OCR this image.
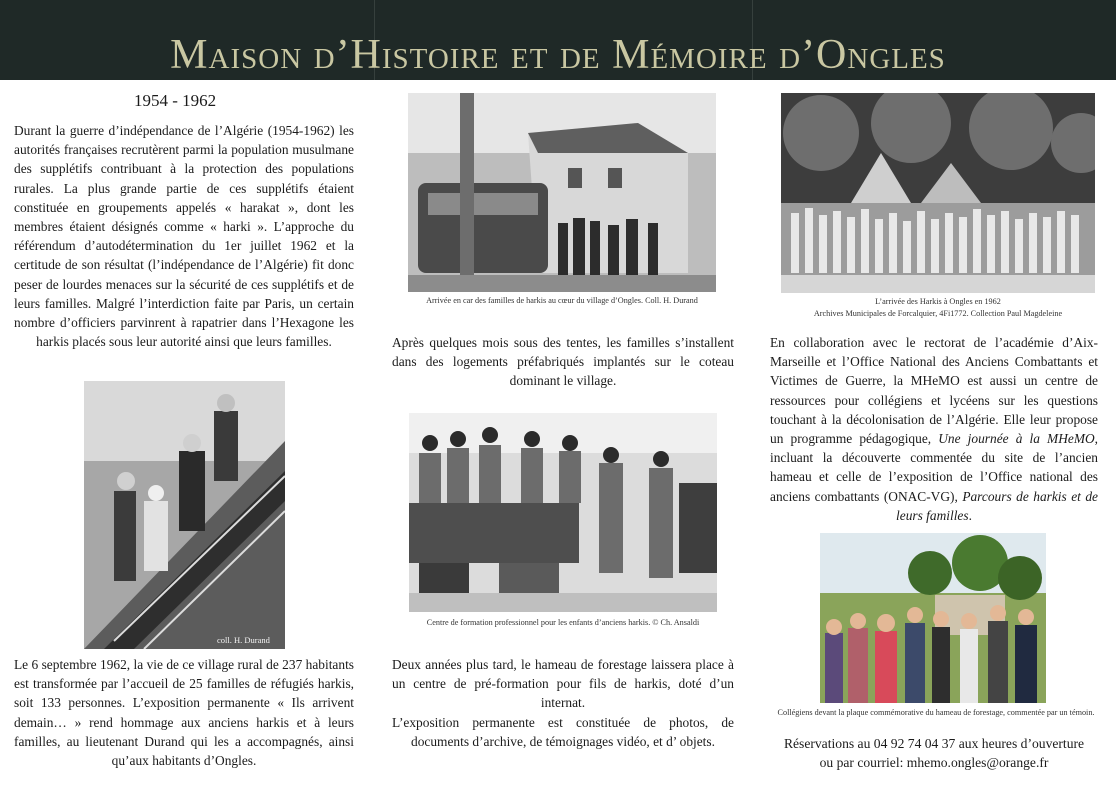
Maison d’Histoire et de Mémoire d’Ongles
1954 - 1962
Durant la guerre d’indépendance de l’Algérie (1954-1962) les autorités françaises recrutèrent parmi la population musulmane des supplétifs contribuant à la protection des populations rurales. La plus grande partie de ces supplétifs étaient constituée en groupements appelés « harakat », dont les membres étaient désignés comme « harki ». L’approche du référendum d’autodétermination du 1er juillet 1962 et la certitude de son résultat (l’indépendance de l’Algérie) fit donc peser de lourdes menaces sur la sécurité de ces supplétifs et de leurs familles. Malgré l’interdiction faite par Paris, un certain nombre d’officiers parvinrent à rapatrier dans l’Hexagone les harkis placés sous leur autorité ainsi que leurs familles.
coll. H. Durand
Le 6 septembre 1962, la vie de ce village rural de 237 habitants est transformée par l’accueil de 25 familles de réfugiés harkis, soit 133 personnes. L’exposition permanente « Ils arrivent demain… » rend hommage aux anciens harkis et à leurs familles, au lieutenant Durand qui les a accompagnés, ainsi qu’aux habitants d’Ongles.
Arrivée en car des familles de harkis au cœur du village d’Ongles. Coll. H. Durand
Après quelques mois sous des tentes, les familles s’installent dans des logements préfabriqués implantés sur le coteau dominant le village.
Centre de formation professionnel pour les enfants d’anciens harkis. © Ch. Ansaldi
Deux années plus tard, le hameau de forestage laissera place à un centre de pré-formation pour fils de harkis, doté d’un internat.
L’exposition permanente est constituée de photos, de documents d’archive, de témoignages vidéo, et d’ objets.
L’arrivée des Harkis à Ongles en 1962
Archives Municipales de Forcalquier, 4Fi1772. Collection Paul Magdeleine
En collaboration avec le rectorat de l’académie d’Aix-Marseille et l’Office National des Anciens Combattants et Victimes de Guerre, la MHeMO est aussi un centre de ressources pour collégiens et lycéens sur les questions touchant à la décolonisation de l’Algérie. Elle leur propose un programme pédagogique, Une journée à la MHeMO, incluant la découverte commentée du site de l’ancien hameau et celle de l’exposition de l’Office national des anciens combattants (ONAC-VG), Parcours de harkis et de leurs familles.
Collégiens devant la plaque commémorative du hameau de forestage, commentée par un témoin.
Réservations au 04 92 74 04 37 aux heures d’ouverture
ou par courriel: mhemo.ongles@orange.fr
